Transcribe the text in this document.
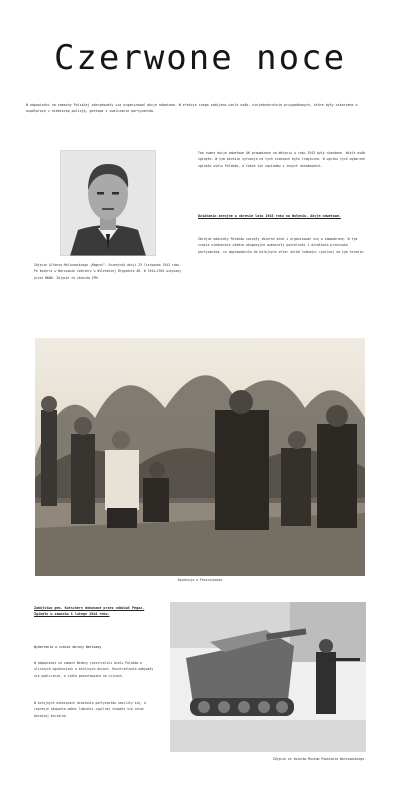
Czerwone noce

W odpowiedzi na zamachy Polskiej zdecydowały się organizować akcje odwetowe. W efekcie czego zabijano wiele osób, niejednokrotnie przypadkowych, które były oskarżane o współpracę z niemiecką policją, gestapo i zwalczanie partyzantów.

Zdjęcie Alfonsa Malinowskiego „Magnus”. Uczestnik akcji 23 listopada 1943 roku. Po śmierci w Warszawie żołnierz w Wileńskiej Brygadzie AK. W 1944–1945 więziony przez NKWD. Zdjęcie ze zbiorów IPN.

Tak zwane akcje odwetowe AK prowadzone na Wołyniu w roku 1943 były nieudane. Wiele osób zginęło. W tym okresie sytuacja na tych ziemiach była tragiczna. W wyniku tych wydarzeń zginęło wielu Polaków, a także ich sąsiadów z innych narodowości.

Działania zbrojne w okresie lata 1943 roku na Wołyniu. Akcje odwetowe.

Zbrojne oddziały Polaków zaczęły zbierać broń i organizować się w samoobronę. W tym czasie niemieckie władze okupacyjne wzmocniły posterunki i działania przeciwko partyzantom, co doprowadziło do kolejnych ofiar wśród ludności cywilnej na tym terenie.

Egzekucja w Puszczykowie

Zabójstwo gen. Kutschery dokonane przez oddział Pegaz. Zginęło w zamachu 1 lutego 1944 roku.

Wydarzenia w czasie obrony Warszawy

W odpowiedzi na zamach Niemcy rozstrzelali wielu Polaków w ulicznych egzekucjach w kolejnych dniach. Rozstrzelania odbywały się publicznie, a ciała pozostawiano na ulicach.

W kolejnych miesiącach działania partyzantów nasiliły się, a represje okupanta wobec ludności cywilnej stawały się coraz bardziej brutalne.

Zdjęcie ze zbiorów Muzeum Powstania Warszawskiego.
